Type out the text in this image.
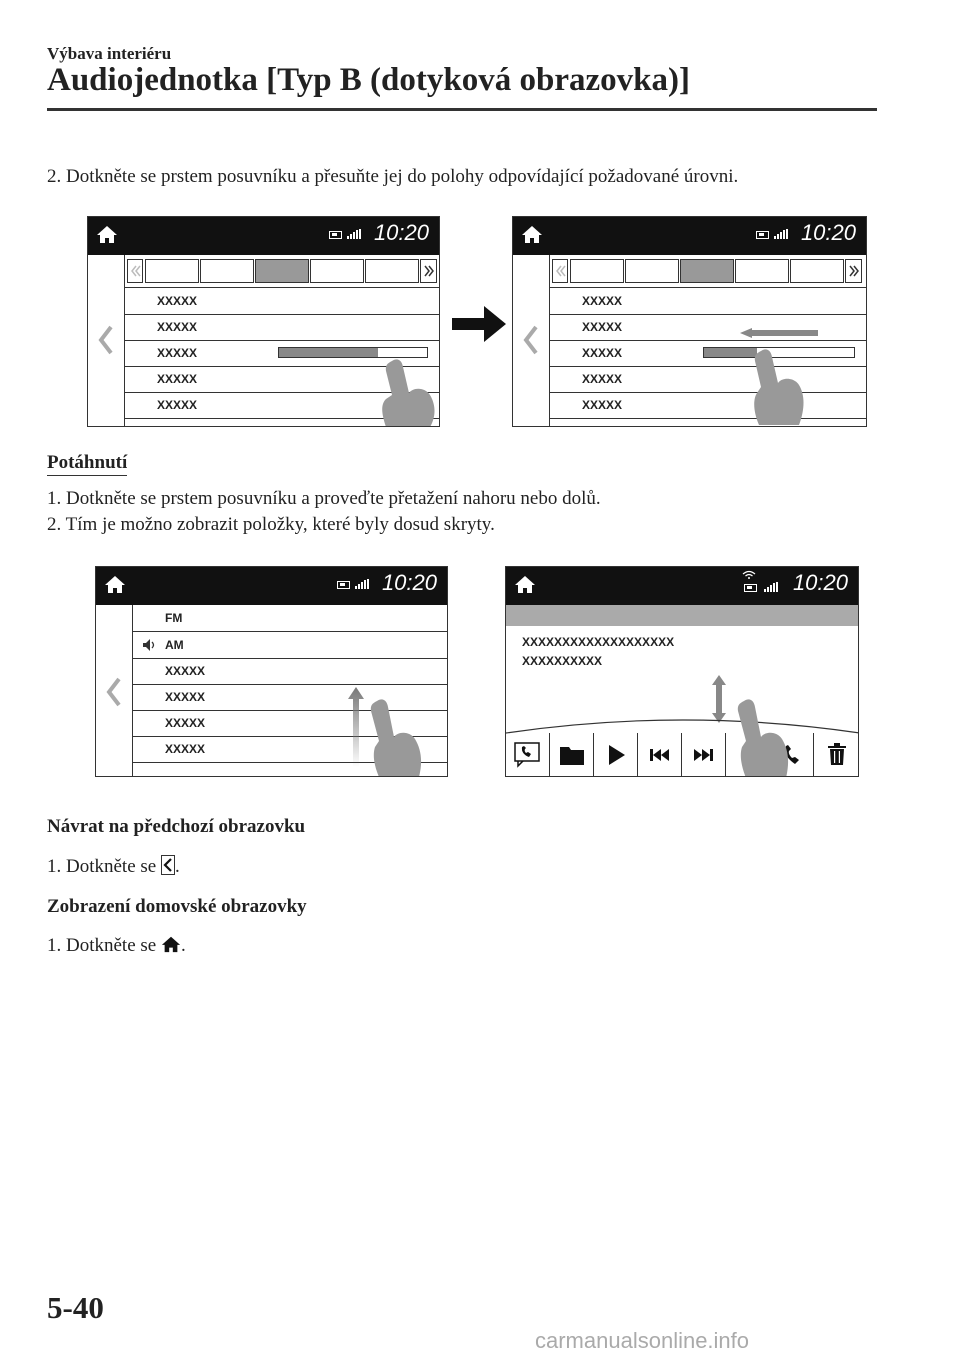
Výbava interiéru
Audiojednotka [Typ B (dotyková obrazovka)]
2. Dotkněte se prstem posuvníku a přesuňte jej do polohy odpovídající požadované úrovni.
10:20
XXXXX
XXXXX
XXXXX
XXXXX
XXXXX
10:20
XXXXX
XXXXX
XXXXX
XXXXX
XXXXX
Potáhnutí
1. Dotkněte se prstem posuvníku a proveďte přetažení nahoru nebo dolů.
2. Tím je možno zobrazit položky, které byly dosud skryty.
10:20
FM
AM
XXXXX
XXXXX
XXXXX
XXXXX
10:20
XXXXXXXXXXXXXXXXXXX
XXXXXXXXXX
Návrat na předchozí obrazovku
1. Dotkněte se .
Zobrazení domovské obrazovky
1. Dotkněte se .
5-40
carmanualsonline.info
